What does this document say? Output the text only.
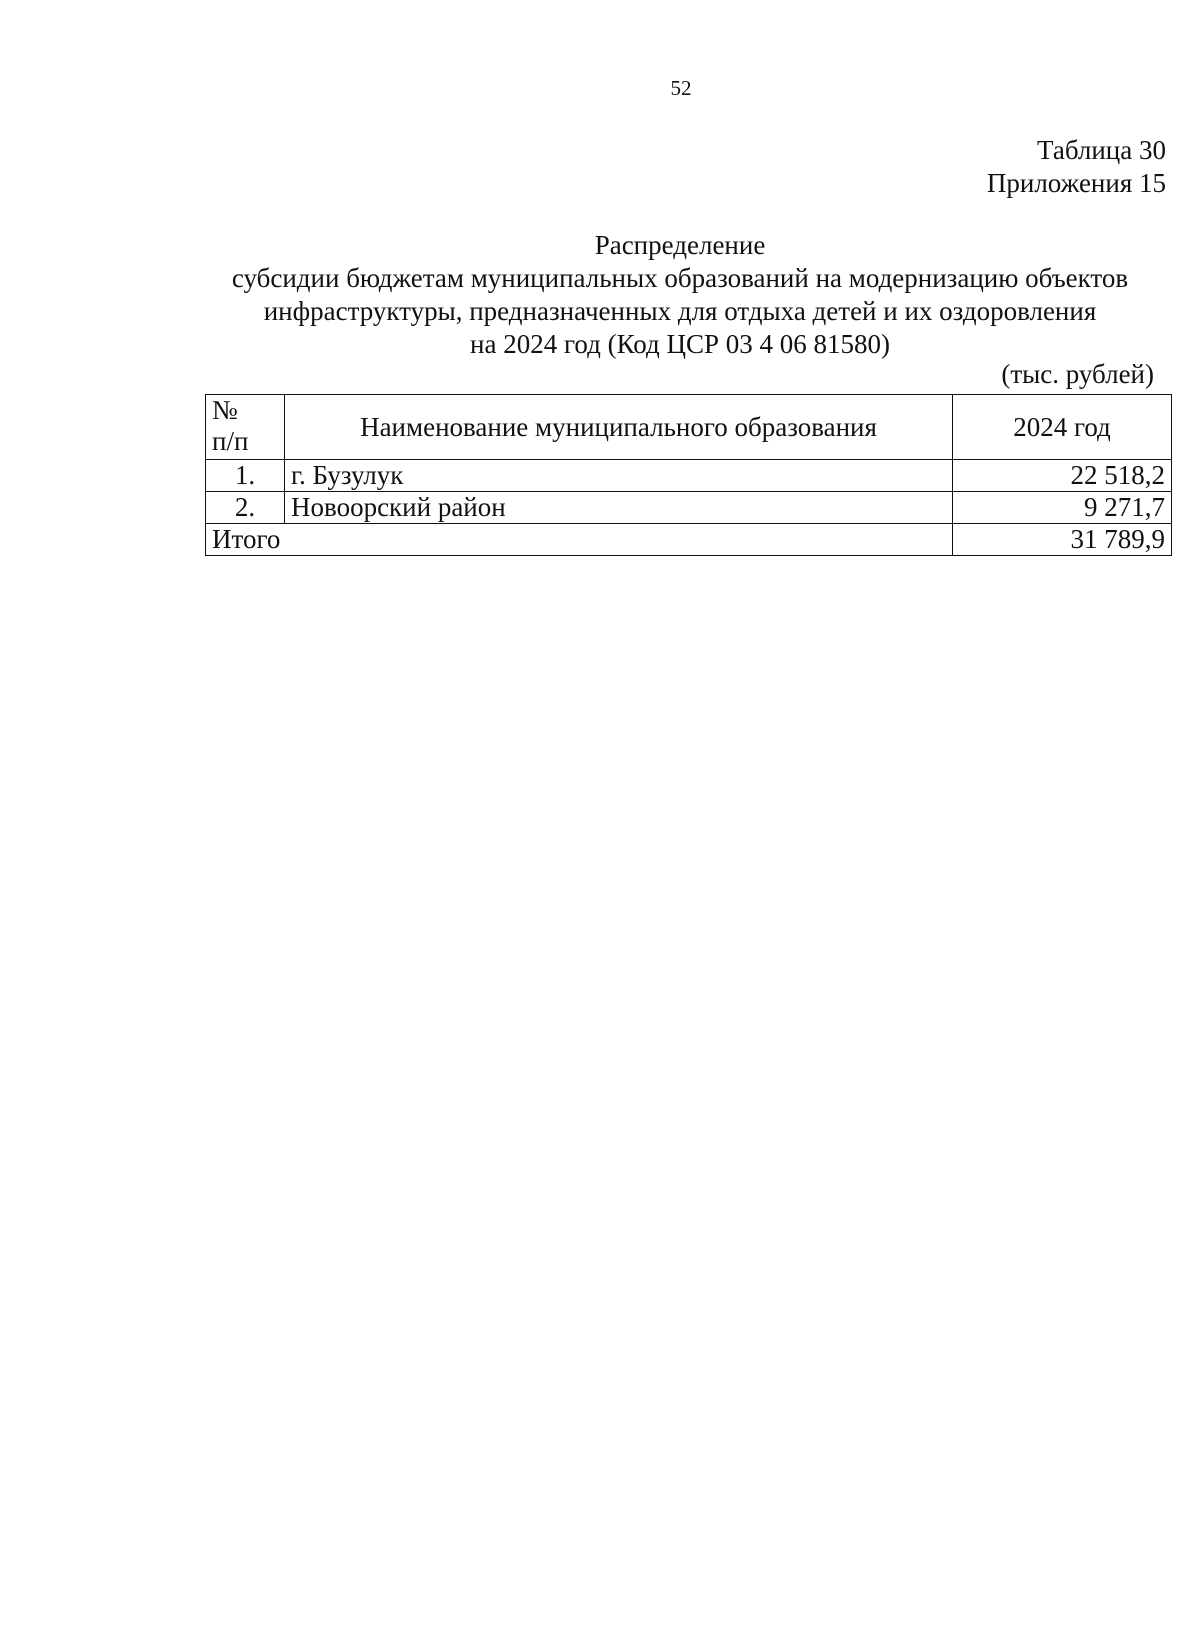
52
Таблица 30
Приложения 15
Распределение
субсидии бюджетам муниципальных образований на модернизацию объектов
инфраструктуры, предназначенных для отдыха детей и их оздоровления
на 2024 год (Код ЦСР 03 4 06 81580)
(тыс. рублей)
№
п/п	Наименование муниципального образования	2024 год
1.	г. Бузулук	22 518,2
2.	Новоорский район	9 271,7
Итого		31 789,9
